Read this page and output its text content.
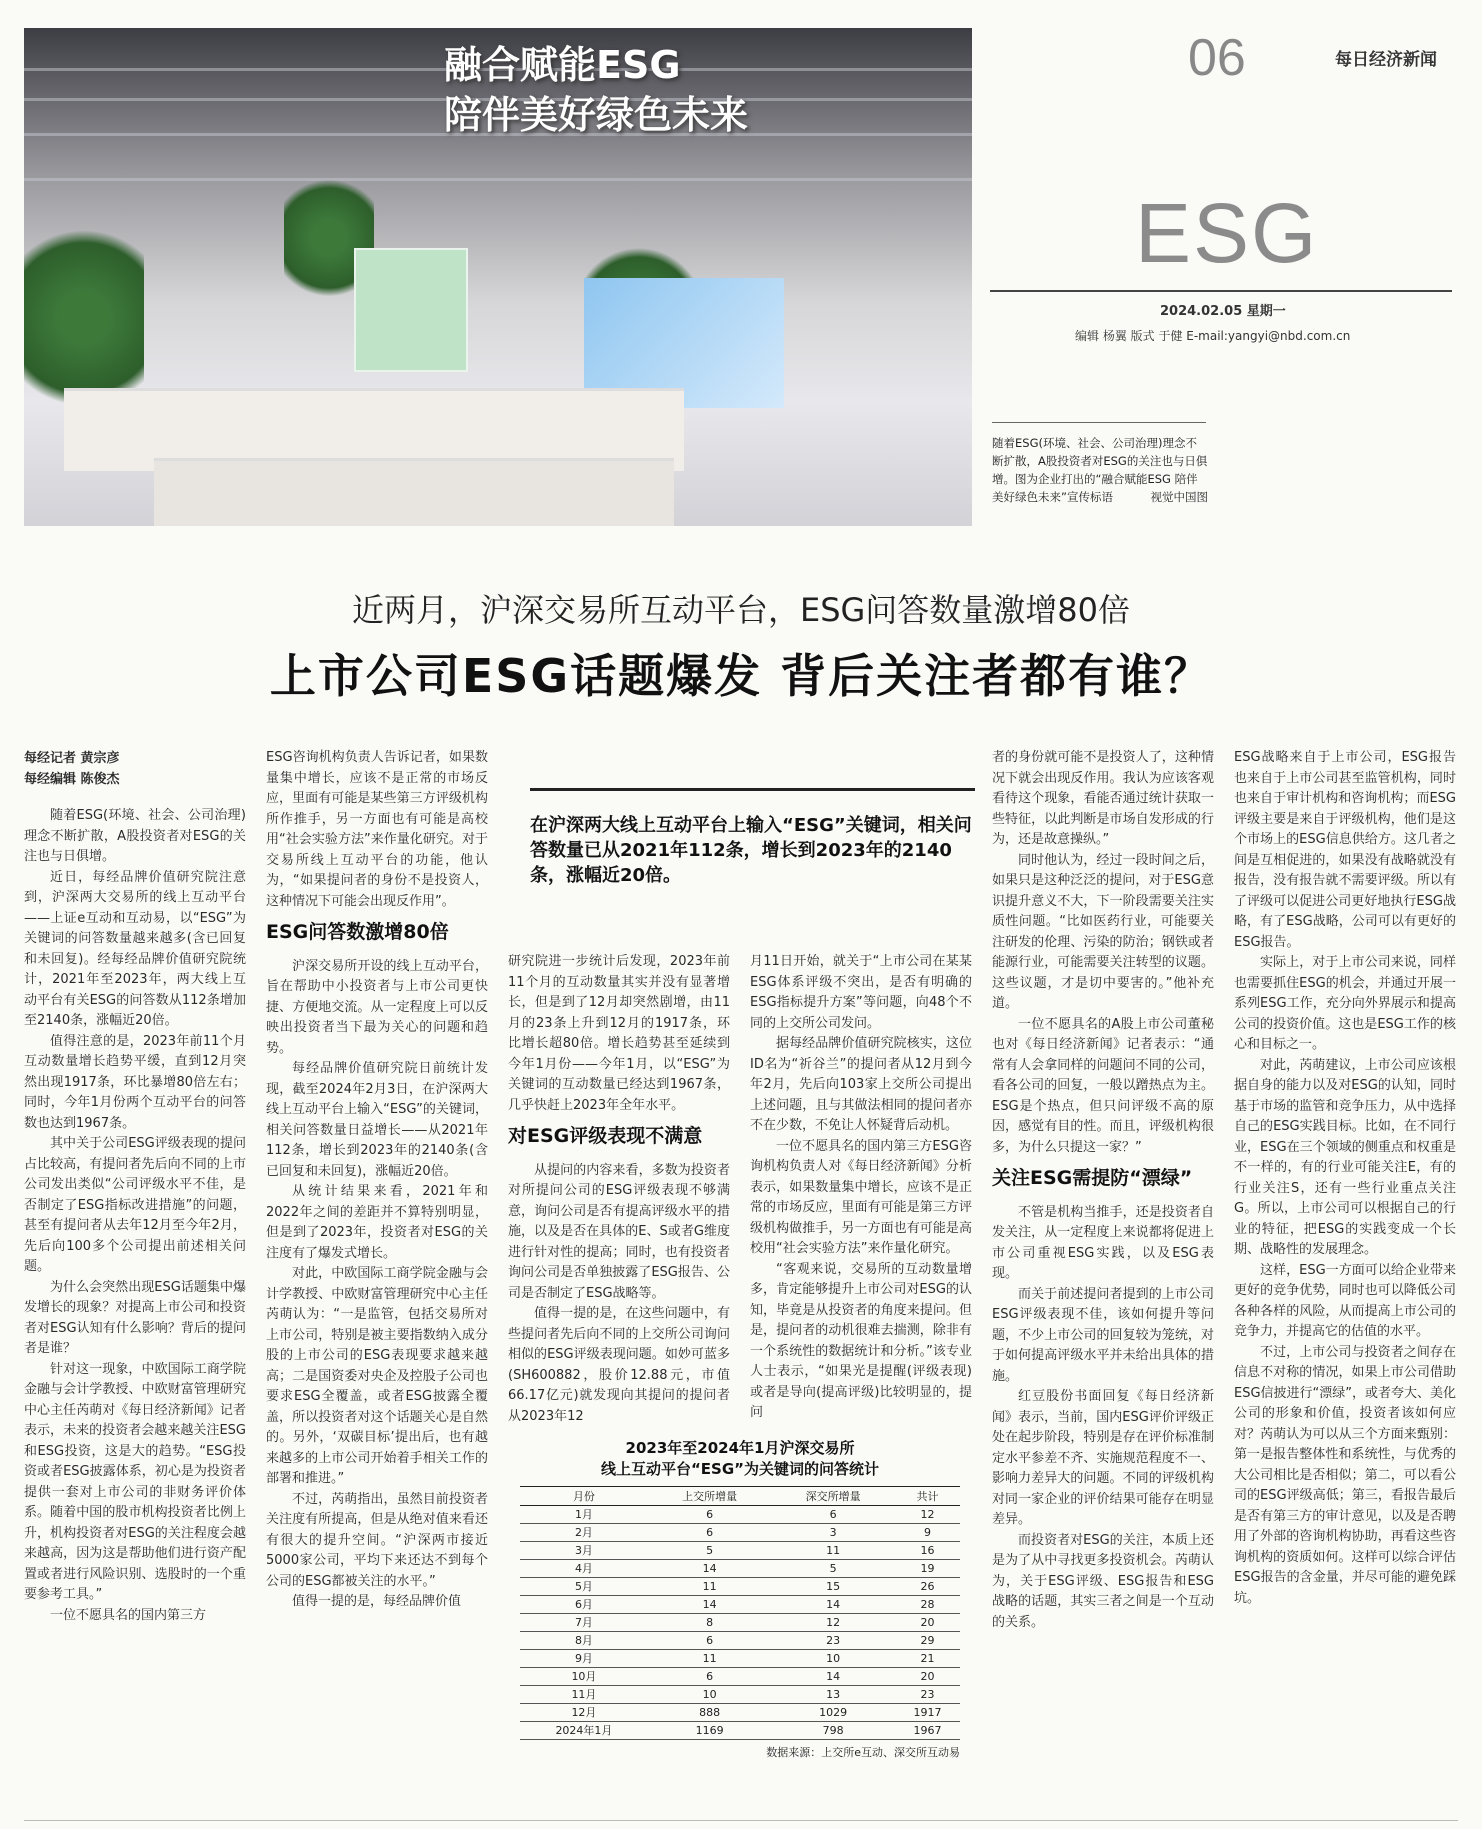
融合赋能ESG
陪伴美好绿色未来
06	每日经济新闻
ESG
2024.02.05 星期一
编辑 杨翼 版式 于健 E-mail:yangyi@nbd.com.cn
随着ESG(环境、社会、公司治理)理念不断扩散，A股投资者对ESG的关注也与日俱增。图为企业打出的“融合赋能ESG 陪伴美好绿色未来”宣传标语	视觉中国图
近两月，沪深交易所互动平台，ESG问答数量激增80倍
上市公司ESG话题爆发 背后关注者都有谁？
每经记者 黄宗彦
每经编辑 陈俊杰

随着ESG(环境、社会、公司治理)理念不断扩散，A股投资者对ESG的关注也与日俱增。

近日，每经品牌价值研究院注意到，沪深两大交易所的线上互动平台——上证e互动和互动易，以“ESG”为关键词的问答数量越来越多(含已回复和未回复)。经每经品牌价值研究院统计，2021年至2023年，两大线上互动平台有关ESG的问答数从112条增加至2140条，涨幅近20倍。

值得注意的是，2023年前11个月互动数量增长趋势平缓，直到12月突然出现1917条，环比暴增80倍左右；同时，今年1月份两个互动平台的问答数也达到1967条。

其中关于公司ESG评级表现的提问占比较高，有提问者先后向不同的上市公司发出类似“公司评级水平不佳，是否制定了ESG指标改进措施”的问题，甚至有提问者从去年12月至今年2月，先后向100多个公司提出前述相关问题。

为什么会突然出现ESG话题集中爆发增长的现象？对提高上市公司和投资者对ESG认知有什么影响？背后的提问者是谁？

针对这一现象，中欧国际工商学院金融与会计学教授、中欧财富管理研究中心主任芮萌对《每日经济新闻》记者表示，未来的投资者会越来越关注ESG和ESG投资，这是大的趋势。“ESG投资或者ESG披露体系，初心是为投资者提供一套对上市公司的非财务评价体系。随着中国的股市机构投资者比例上升，机构投资者对ESG的关注程度会越来越高，因为这是帮助他们进行资产配置或者进行风险识别、选股时的一个重要参考工具。”

一位不愿具名的国内第三方

ESG咨询机构负责人告诉记者，如果数量集中增长，应该不是正常的市场反应，里面有可能是某些第三方评级机构所作推手，另一方面也有可能是高校用“社会实验方法”来作量化研究。对于交易所线上互动平台的功能，他认为，“如果提问者的身份不是投资人，这种情况下可能会出现反作用”。

ESG问答数激增80倍

沪深交易所开设的线上互动平台，旨在帮助中小投资者与上市公司更快捷、方便地交流。从一定程度上可以反映出投资者当下最为关心的问题和趋势。

每经品牌价值研究院日前统计发现，截至2024年2月3日，在沪深两大线上互动平台上输入“ESG”的关键词，相关问答数量日益增长——从2021年112条，增长到2023年的2140条(含已回复和未回复)，涨幅近20倍。

从统计结果来看，2021年和2022年之间的差距并不算特别明显，但是到了2023年，投资者对ESG的关注度有了爆发式增长。

对此，中欧国际工商学院金融与会计学教授、中欧财富管理研究中心主任芮萌认为：“一是监管，包括交易所对上市公司，特别是被主要指数纳入成分股的上市公司的ESG表现要求越来越高；二是国资委对央企及控股子公司也要求ESG全覆盖，或者ESG披露全覆盖，所以投资者对这个话题关心是自然的。另外，‘双碳目标’提出后，也有越来越多的上市公司开始着手相关工作的部署和推进。”

不过，芮萌指出，虽然目前投资者关注度有所提高，但是从绝对值来看还有很大的提升空间。“沪深两市接近5000家公司，平均下来还达不到每个公司的ESG都被关注的水平。”

值得一提的是，每经品牌价值

在沪深两大线上互动平台上输入“ESG”关键词，相关问答数量已从2021年112条，增长到2023年的2140条，涨幅近20倍。

研究院进一步统计后发现，2023年前11个月的互动数量其实并没有显著增长，但是到了12月却突然剧增，由11月的23条上升到12月的1917条，环比增长超80倍。增长趋势甚至延续到今年1月份——今年1月，以“ESG”为关键词的互动数量已经达到1967条，几乎快赶上2023年全年水平。

对ESG评级表现不满意

从提问的内容来看，多数为投资者对所提问公司的ESG评级表现不够满意，询问公司是否有提高评级水平的措施，以及是否在具体的E、S或者G维度进行针对性的提高；同时，也有投资者询问公司是否单独披露了ESG报告、公司是否制定了ESG战略等。

值得一提的是，在这些问题中，有些提问者先后向不同的上交所公司询问相似的ESG评级表现问题。如妙可蓝多(SH600882，股价12.88元，市值66.17亿元)就发现向其提问的提问者从2023年12

月11日开始，就关于“上市公司在某某ESG体系评级不突出，是否有明确的ESG指标提升方案”等问题，向48个不同的上交所公司发问。

据每经品牌价值研究院核实，这位ID名为“祈谷兰”的提问者从12月到今年2月，先后向103家上交所公司提出上述问题，且与其做法相同的提问者亦不在少数，不免让人怀疑背后动机。

一位不愿具名的国内第三方ESG咨询机构负责人对《每日经济新闻》分析表示，如果数量集中增长，应该不是正常的市场反应，里面有可能是第三方评级机构做推手，另一方面也有可能是高校用“社会实验方法”来作量化研究。

“客观来说，交易所的互动数量增多，肯定能够提升上市公司对ESG的认知，毕竟是从投资者的角度来提问。但是，提问者的动机很难去揣测，除非有一个系统性的数据统计和分析。”该专业人士表示，“如果光是提醒(评级表现)或者是导向(提高评级)比较明显的，提问

者的身份就可能不是投资人了，这种情况下就会出现反作用。我认为应该客观看待这个现象，看能否通过统计获取一些特征，以此判断是市场自发形成的行为，还是故意操纵。”

同时他认为，经过一段时间之后，如果只是这种泛泛的提问，对于ESG意识提升意义不大，下一阶段需要关注实质性问题。“比如医药行业，可能要关注研发的伦理、污染的防治；钢铁或者能源行业，可能需要关注转型的议题。这些议题，才是切中要害的。”他补充道。

一位不愿具名的A股上市公司董秘也对《每日经济新闻》记者表示：“通常有人会拿同样的问题问不同的公司，看各公司的回复，一般以蹭热点为主。ESG是个热点，但只问评级不高的原因，感觉有目的性。而且，评级机构很多，为什么只提这一家？”

关注ESG需提防“漂绿”

不管是机构当推手，还是投资者自发关注，从一定程度上来说都将促进上市公司重视ESG实践，以及ESG表现。

而关于前述提问者提到的上市公司ESG评级表现不佳，该如何提升等问题，不少上市公司的回复较为笼统，对于如何提高评级水平并未给出具体的措施。

红豆股份书面回复《每日经济新闻》表示，当前，国内ESG评价评级正处在起步阶段，特别是存在评价标准制定水平参差不齐、实施规范程度不一、影响力差异大的问题。不同的评级机构对同一家企业的评价结果可能存在明显差异。

而投资者对ESG的关注，本质上还是为了从中寻找更多投资机会。芮萌认为，关于ESG评级、ESG报告和ESG战略的话题，其实三者之间是一个互动的关系。

ESG战略来自于上市公司，ESG报告也来自于上市公司甚至监管机构，同时也来自于审计机构和咨询机构；而ESG评级主要是来自于评级机构，他们是这个市场上的ESG信息供给方。这几者之间是互相促进的，如果没有战略就没有报告，没有报告就不需要评级。所以有了评级可以促进公司更好地执行ESG战略，有了ESG战略，公司可以有更好的ESG报告。

实际上，对于上市公司来说，同样也需要抓住ESG的机会，并通过开展一系列ESG工作，充分向外界展示和提高公司的投资价值。这也是ESG工作的核心和目标之一。

对此，芮萌建议，上市公司应该根据自身的能力以及对ESG的认知，同时基于市场的监管和竞争压力，从中选择自己的ESG实践目标。比如，在不同行业，ESG在三个领域的侧重点和权重是不一样的，有的行业可能关注E，有的行业关注S，还有一些行业重点关注G。所以，上市公司可以根据自己的行业的特征，把ESG的实践变成一个长期、战略性的发展理念。

这样，ESG一方面可以给企业带来更好的竞争优势，同时也可以降低公司各种各样的风险，从而提高上市公司的竞争力，并提高它的估值的水平。

不过，上市公司与投资者之间存在信息不对称的情况，如果上市公司借助ESG信披进行“漂绿”，或者夸大、美化公司的形象和价值，投资者该如何应对？芮萌认为可以从三个方面来甄别：第一是报告整体性和系统性，与优秀的大公司相比是否相似；第二，可以看公司的ESG评级高低；第三，看报告最后是否有第三方的审计意见，以及是否聘用了外部的咨询机构协助，再看这些咨询机构的资质如何。这样可以综合评估ESG报告的含金量，并尽可能的避免踩坑。

2023年至2024年1月沪深交易所
线上互动平台“ESG”为关键词的问答统计
月份	上交所增量	深交所增量	共计
1月	6	6	12
2月	6	3	9
3月	5	11	16
4月	14	5	19
5月	11	15	26
6月	14	14	28
7月	8	12	20
8月	6	23	29
9月	11	10	21
10月	6	14	20
11月	10	13	23
12月	888	1029	1917
2024年1月	1169	798	1967
数据来源：上交所e互动、深交所互动易
